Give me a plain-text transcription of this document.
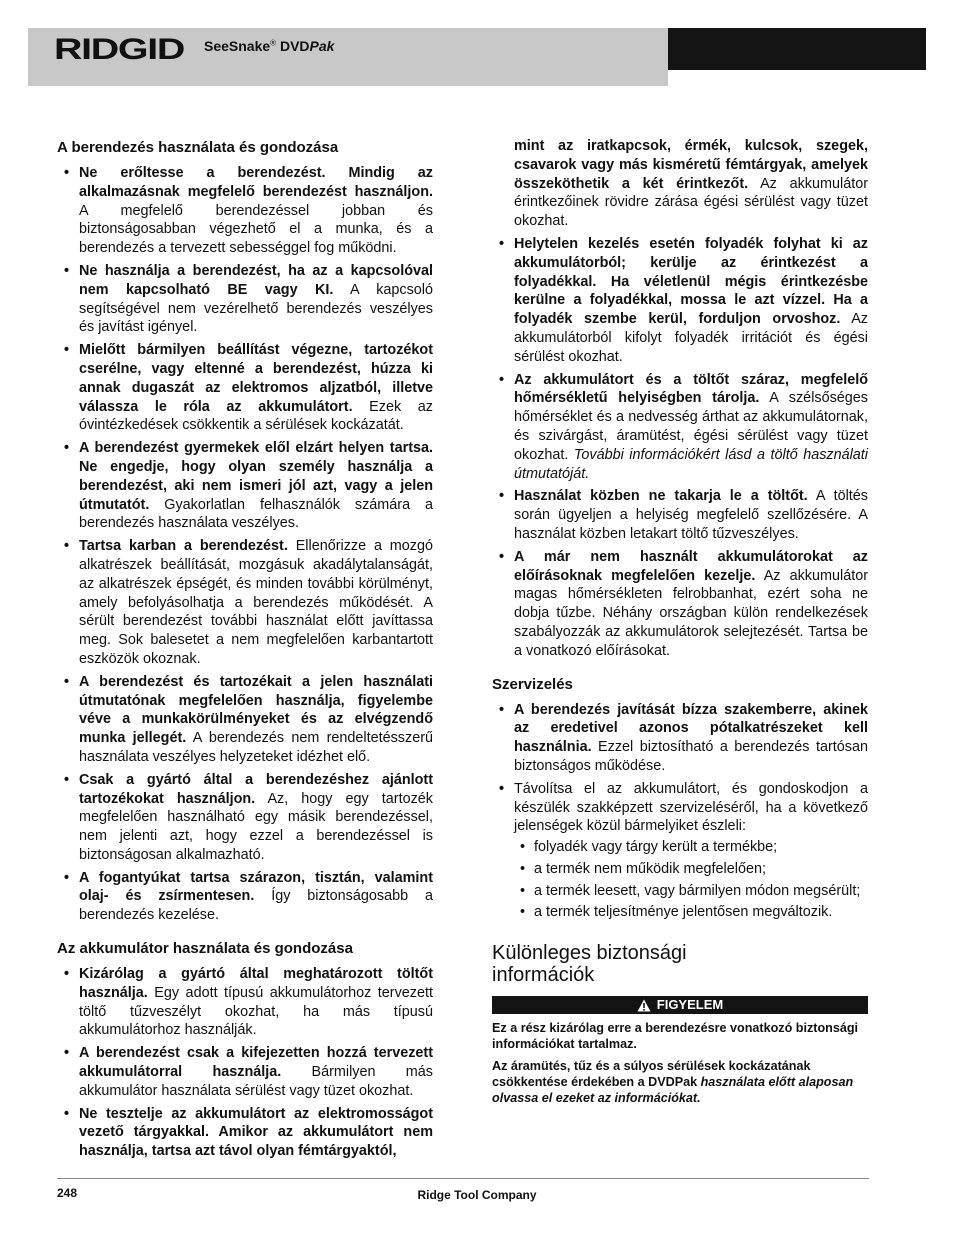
RIDGID SeeSnake® DVDPak
A berendezés használata és gondozása
• Ne erőltesse a berendezést. Mindig az alkalmazásnak megfelelő berendezést használjon. A megfelelő berendezéssel jobban és biztonságosabban végezhető el a munka, és a berendezés a tervezett sebességgel fog működni.
• Ne használja a berendezést, ha az a kapcsolóval nem kapcsolható BE vagy KI. A kapcsoló segítségével nem vezérelhető berendezés veszélyes és javítást igényel.
• Mielőtt bármilyen beállítást végezne, tartozékot cserélne, vagy eltenné a berendezést, húzza ki annak dugaszát az elektromos aljzatból, illetve válassza le róla az akkumulátort. Ezek az óvintézkedések csökkentik a sérülések kockázatát.
• A berendezést gyermekek elől elzárt helyen tartsa. Ne engedje, hogy olyan személy használja a berendezést, aki nem ismeri jól azt, vagy a jelen útmutatót. Gyakorlatlan felhasználók számára a berendezés használata veszélyes.
• Tartsa karban a berendezést. Ellenőrizze a mozgó alkatrészek beállítását, mozgásuk akadálytalanságát, az alkatrészek épségét, és minden további körülményt, amely befolyásolhatja a berendezés működését. A sérült berendezést további használat előtt javíttassa meg. Sok balesetet a nem megfelelően karbantartott eszközök okoznak.
• A berendezést és tartozékait a jelen használati útmutatónak megfelelően használja, figyelembe véve a munkakörülményeket és az elvégzendő munka jellegét. A berendezés nem rendeltetésszerű használata veszélyes helyzeteket idézhet elő.
• Csak a gyártó által a berendezéshez ajánlott tartozékokat használjon. Az, hogy egy tartozék megfelelően használható egy másik berendezéssel, nem jelenti azt, hogy ezzel a berendezéssel is biztonságosan alkalmazható.
• A fogantyúkat tartsa szárazon, tisztán, valamint olaj- és zsírmentesen. Így biztonságosabb a berendezés kezelése.
Az akkumulátor használata és gondozása
• Kizárólag a gyártó által meghatározott töltőt használja. Egy adott típusú akkumulátorhoz tervezett töltő tűzveszélyt okozhat, ha más típusú akkumulátorhoz használják.
• A berendezést csak a kifejezetten hozzá tervezett akkumulátorral használja. Bármilyen más akkumulátor használata sérülést vagy tüzet okozhat.
• Ne tesztelje az akkumulátort az elektromosságot vezető tárgyakkal. Amikor az akkumulátort nem használja, tartsa azt távol olyan fémtárgyaktól,
mint az iratkapcsok, érmék, kulcsok, szegek, csavarok vagy más kisméretű fémtárgyak, amelyek összeköthetik a két érintkezőt. Az akkumulátor érintkezőinek rövidre zárása égési sérülést vagy tüzet okozhat.
• Helytelen kezelés esetén folyadék folyhat ki az akkumulátorból; kerülje az érintkezést a folyadékkal. Ha véletlenül mégis érintkezésbe kerülne a folyadékkal, mossa le azt vízzel. Ha a folyadék szembe kerül, forduljon orvoshoz. Az akkumulátorból kifolyt folyadék irritációt és égési sérülést okozhat.
• Az akkumulátort és a töltőt száraz, megfelelő hőmérsékletű helyiségben tárolja. A szélsőséges hőmérséklet és a nedvesség árthat az akkumulátornak, és szivárgást, áramütést, égési sérülést vagy tüzet okozhat. További információkért lásd a töltő használati útmutatóját.
• Használat közben ne takarja le a töltőt. A töltés során ügyeljen a helyiség megfelelő szellőzésére. A használat közben letakart töltő tűzveszélyes.
• A már nem használt akkumulátorokat az előírásoknak megfelelően kezelje. Az akkumulátor magas hőmérsékleten felrobbanhat, ezért soha ne dobja tűzbe. Néhány országban külön rendelkezések szabályozzák az akkumulátorok selejtezését. Tartsa be a vonatkozó előírásokat.
Szervizelés
• A berendezés javítását bízza szakemberre, akinek az eredetivel azonos pótalkatrészeket kell használnia. Ezzel biztosítható a berendezés tartósan biztonságos működése.
• Távolítsa el az akkumulátort, és gondoskodjon a készülék szakképzett szervizeléséről, ha a következő jelenségek közül bármelyiket észleli:
• folyadék vagy tárgy került a termékbe;
• a termék nem működik megfelelően;
• a termék leesett, vagy bármilyen módon megsérült;
• a termék teljesítménye jelentősen megváltozik.
Különleges biztonsági
információk
FIGYELEM

Ez a rész kizárólag erre a berendezésre vonatkozó biztonsági információkat tartalmaz.

Az áramütés, tűz és a súlyos sérülések kockázatának csökkentése érdekében a DVDPak használata előtt alaposan olvassa el ezeket az információkat.

248	Ridge Tool Company
